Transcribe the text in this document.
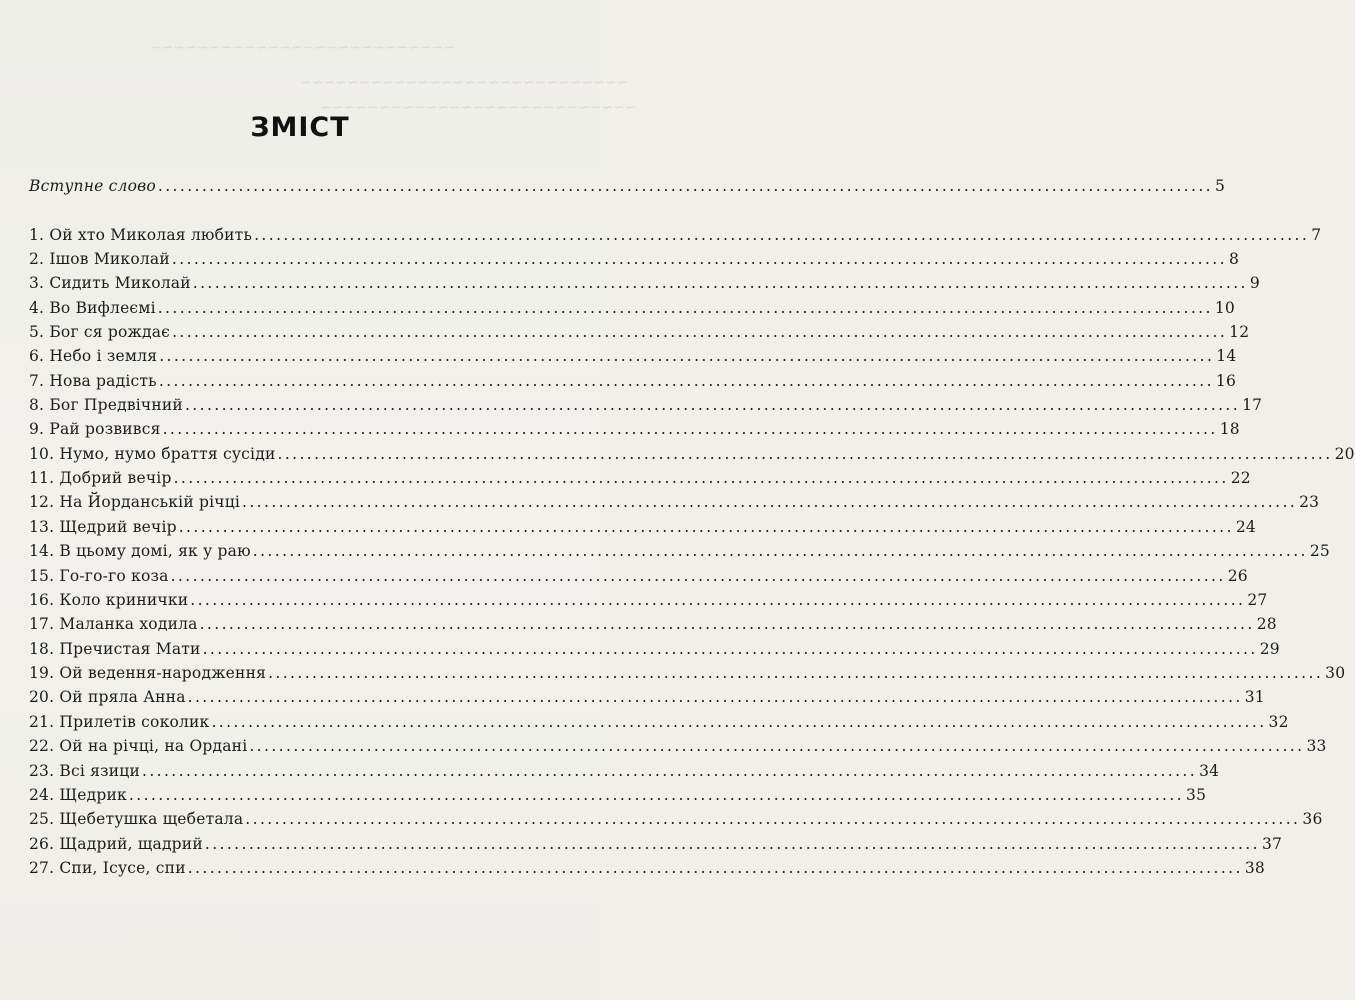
~~~~~~~~~~~~~~~~~~~~~~~~~~
~~~~~~~~~~~~~~~~~~~~~~~~~~~~
~~~~~~~~~~~~~~~~~~~~~~~~~~~
ЗМІСТ
Вступне слово .....	5
1. Ой хто Миколая любить .....	7
2. Ішов Миколай .....	8
3. Сидить Миколай .....	9
4. Во Вифлеємі .....	10
5. Бог ся рождає .....	12
6. Небо і земля .....	14
7. Нова радість .....	16
8. Бог Предвічний .....	17
9. Рай розвився .....	18
10. Нумо, нумо браття сусіди .....	20
11. Добрий вечір .....	22
12. На Йорданській річці .....	23
13. Щедрий вечір .....	24
14. В цьому домі, як у раю .....	25
15. Го-го-го коза .....	26
16. Коло кринички .....	27
17. Маланка ходила .....	28
18. Пречистая Мати .....	29
19. Ой ведення-народження .....	30
20. Ой пряла Анна .....	31
21. Прилетів соколик .....	32
22. Ой на річці, на Ордані .....	33
23. Всі язици .....	34
24. Щедрик .....	35
25. Щебетушка щебетала .....	36
26. Щадрий, щадрий .....	37
27. Спи, Ісусе, спи .....	38
